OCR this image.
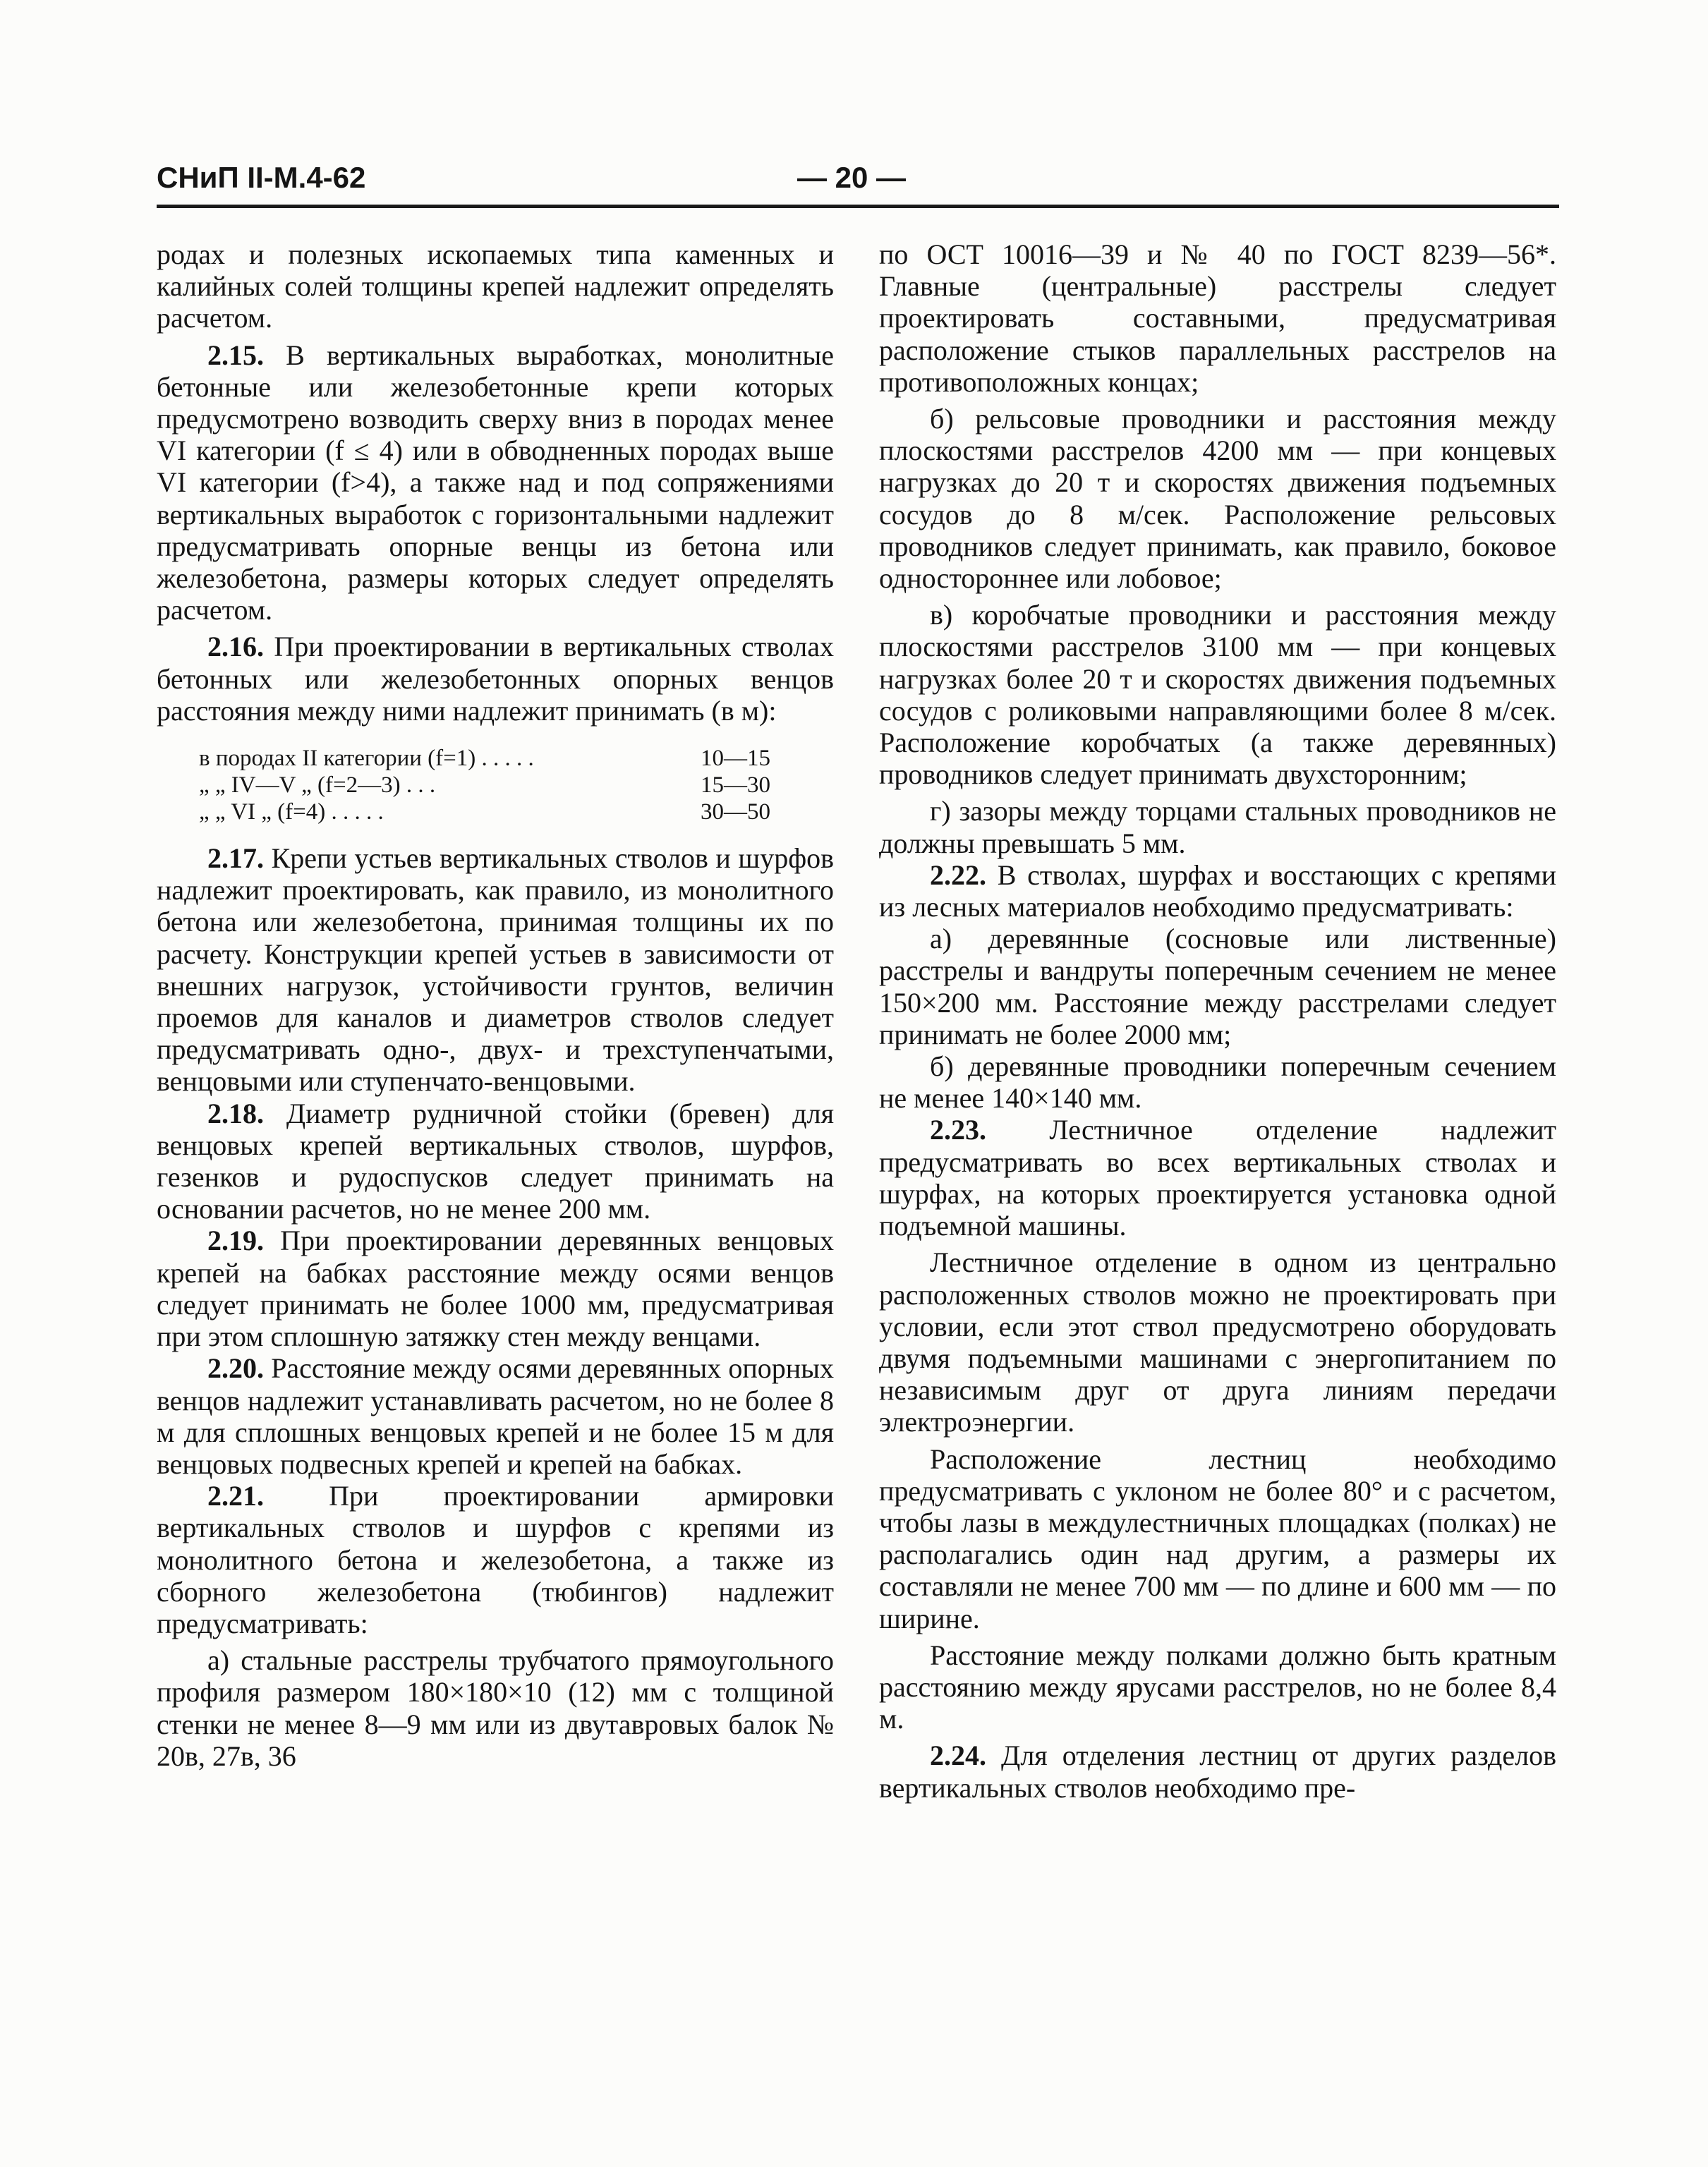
СНиП II-М.4-62	— 20 —

родах и полезных ископаемых типа каменных и калийных солей толщины крепей надлежит определять расчетом.

2.15. В вертикальных выработках, монолитные бетонные или железобетонные крепи которых предусмотрено возводить сверху вниз в породах менее VI категории (f ≤ 4) или в обводненных породах выше VI категории (f>4), а также над и под сопряжениями вертикальных выработок с горизонтальными надлежит предусматривать опорные венцы из бетона или железобетона, размеры которых следует определять расчетом.

2.16. При проектировании в вертикальных стволах бетонных или железобетонных опорных венцов расстояния между ними надлежит принимать (в м):

в породах II категории (f=1) . . . . .	10—15
„ „ IV—V „ (f=2—3) . . .	15—30
„ „ VI „ (f=4) . . . . .	30—50

2.17. Крепи устьев вертикальных стволов и шурфов надлежит проектировать, как правило, из монолитного бетона или железобетона, принимая толщины их по расчету. Конструкции крепей устьев в зависимости от внешних нагрузок, устойчивости грунтов, величин проемов для каналов и диаметров стволов следует предусматривать одно-, двух- и трехступенчатыми, венцовыми или ступенчато-венцовыми.

2.18. Диаметр рудничной стойки (бревен) для венцовых крепей вертикальных стволов, шурфов, гезенков и рудоспусков следует принимать на основании расчетов, но не менее 200 мм.

2.19. При проектировании деревянных венцовых крепей на бабках расстояние между осями венцов следует принимать не более 1000 мм, предусматривая при этом сплошную затяжку стен между венцами.

2.20. Расстояние между осями деревянных опорных венцов надлежит устанавливать расчетом, но не более 8 м для сплошных венцовых крепей и не более 15 м для венцовых подвесных крепей и крепей на бабках.

2.21. При проектировании армировки вертикальных стволов и шурфов с крепями из монолитного бетона и железобетона, а также из сборного железобетона (тюбингов) надлежит предусматривать:

а) стальные расстрелы трубчатого прямоугольного профиля размером 180×180×10 (12) мм с толщиной стенки не менее 8—9 мм или из двутавровых балок № 20в, 27в, 36

по ОСТ 10016—39 и № 40 по ГОСТ 8239—56*. Главные (центральные) расстрелы следует проектировать составными, предусматривая расположение стыков параллельных расстрелов на противоположных концах;

б) рельсовые проводники и расстояния между плоскостями расстрелов 4200 мм — при концевых нагрузках до 20 т и скоростях движения подъемных сосудов до 8 м/сек. Расположение рельсовых проводников следует принимать, как правило, боковое одностороннее или лобовое;

в) коробчатые проводники и расстояния между плоскостями расстрелов 3100 мм — при концевых нагрузках более 20 т и скоростях движения подъемных сосудов с роликовыми направляющими более 8 м/сек. Расположение коробчатых (а также деревянных) проводников следует принимать двухсторонним;

г) зазоры между торцами стальных проводников не должны превышать 5 мм.

2.22. В стволах, шурфах и восстающих с крепями из лесных материалов необходимо предусматривать:

а) деревянные (сосновые или лиственные) расстрелы и вандруты поперечным сечением не менее 150×200 мм. Расстояние между расстрелами следует принимать не более 2000 мм;

б) деревянные проводники поперечным сечением не менее 140×140 мм.

2.23. Лестничное отделение надлежит предусматривать во всех вертикальных стволах и шурфах, на которых проектируется установка одной подъемной машины.

Лестничное отделение в одном из центрально расположенных стволов можно не проектировать при условии, если этот ствол предусмотрено оборудовать двумя подъемными машинами с энергопитанием по независимым друг от друга линиям передачи электроэнергии.

Расположение лестниц необходимо предусматривать с уклоном не более 80° и с расчетом, чтобы лазы в междулестничных площадках (полках) не располагались один над другим, а размеры их составляли не менее 700 мм — по длине и 600 мм — по ширине.

Расстояние между полками должно быть кратным расстоянию между ярусами расстрелов, но не более 8,4 м.

2.24. Для отделения лестниц от других разделов вертикальных стволов необходимо пре-
